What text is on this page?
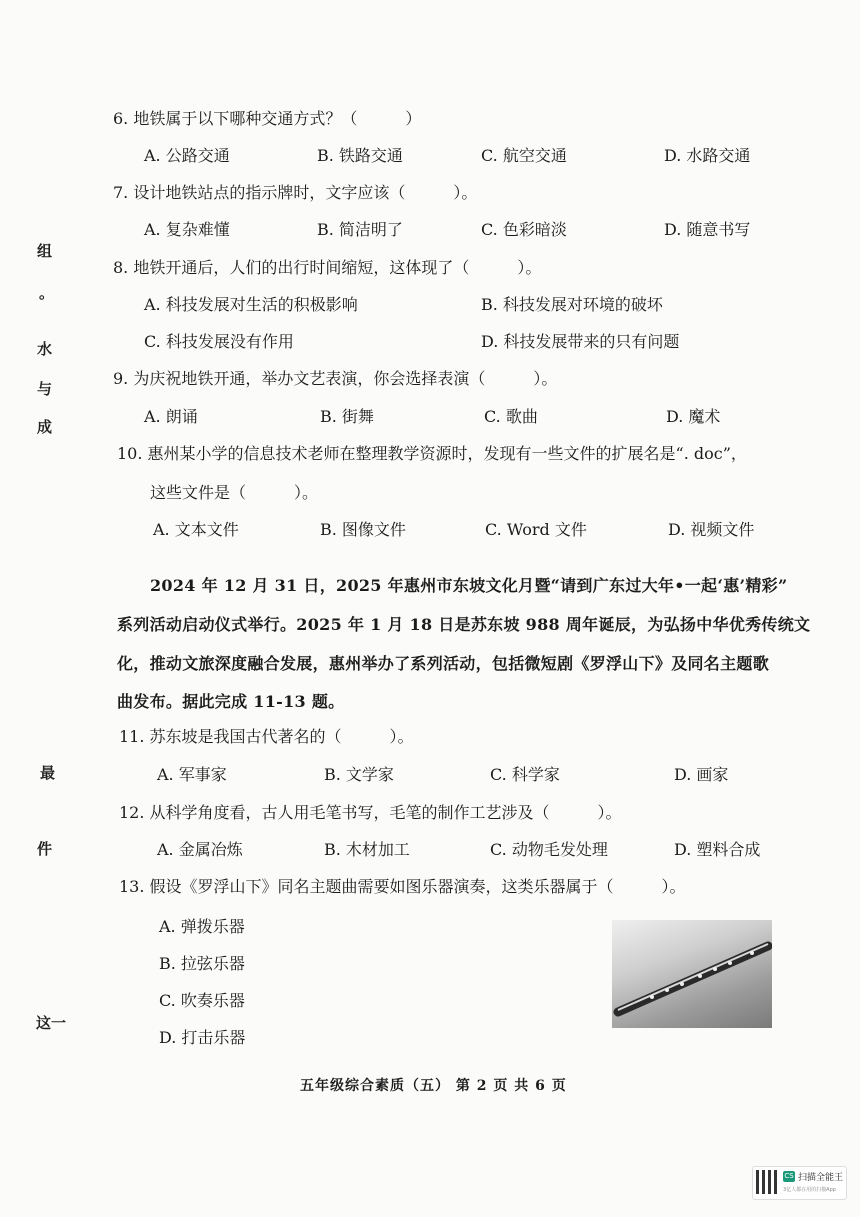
组
。
水
与
成
最
件
这一
6. 地铁属于以下哪种交通方式？（　　　）
A. 公路交通	B. 铁路交通	C. 航空交通	D. 水路交通
7. 设计地铁站点的指示牌时，文字应该（　　　）。
A. 复杂难懂	B. 简洁明了	C. 色彩暗淡	D. 随意书写
8. 地铁开通后，人们的出行时间缩短，这体现了（　　　）。
A. 科技发展对生活的积极影响	B. 科技发展对环境的破坏
C. 科技发展没有作用	D. 科技发展带来的只有问题
9. 为庆祝地铁开通，举办文艺表演，你会选择表演（　　　）。
A. 朗诵	B. 街舞	C. 歌曲	D. 魔术
10. 惠州某小学的信息技术老师在整理教学资源时，发现有一些文件的扩展名是“. doc”，
这些文件是（　　　）。
A. 文本文件	B. 图像文件	C. Word 文件	D. 视频文件
2024 年 12 月 31 日，2025 年惠州市东坡文化月暨“请到广东过大年•一起‘惠’精彩”
系列活动启动仪式举行。2025 年 1 月 18 日是苏东坡 988 周年诞辰，为弘扬中华优秀传统文
化，推动文旅深度融合发展，惠州举办了系列活动，包括微短剧《罗浮山下》及同名主题歌
曲发布。据此完成 11-13 题。
11. 苏东坡是我国古代著名的（　　　）。
A. 军事家	B. 文学家	C. 科学家	D. 画家
12. 从科学角度看，古人用毛笔书写，毛笔的制作工艺涉及（　　　）。
A. 金属冶炼	B. 木材加工	C. 动物毛发处理	D. 塑料合成
13. 假设《罗浮山下》同名主题曲需要如图乐器演奏，这类乐器属于（　　　）。
A. 弹拨乐器
B. 拉弦乐器
C. 吹奏乐器
D. 打击乐器
五年级综合素质（五） 第 2 页 共 6 页
CS 扫描全能王
3亿人都在用的扫描App
